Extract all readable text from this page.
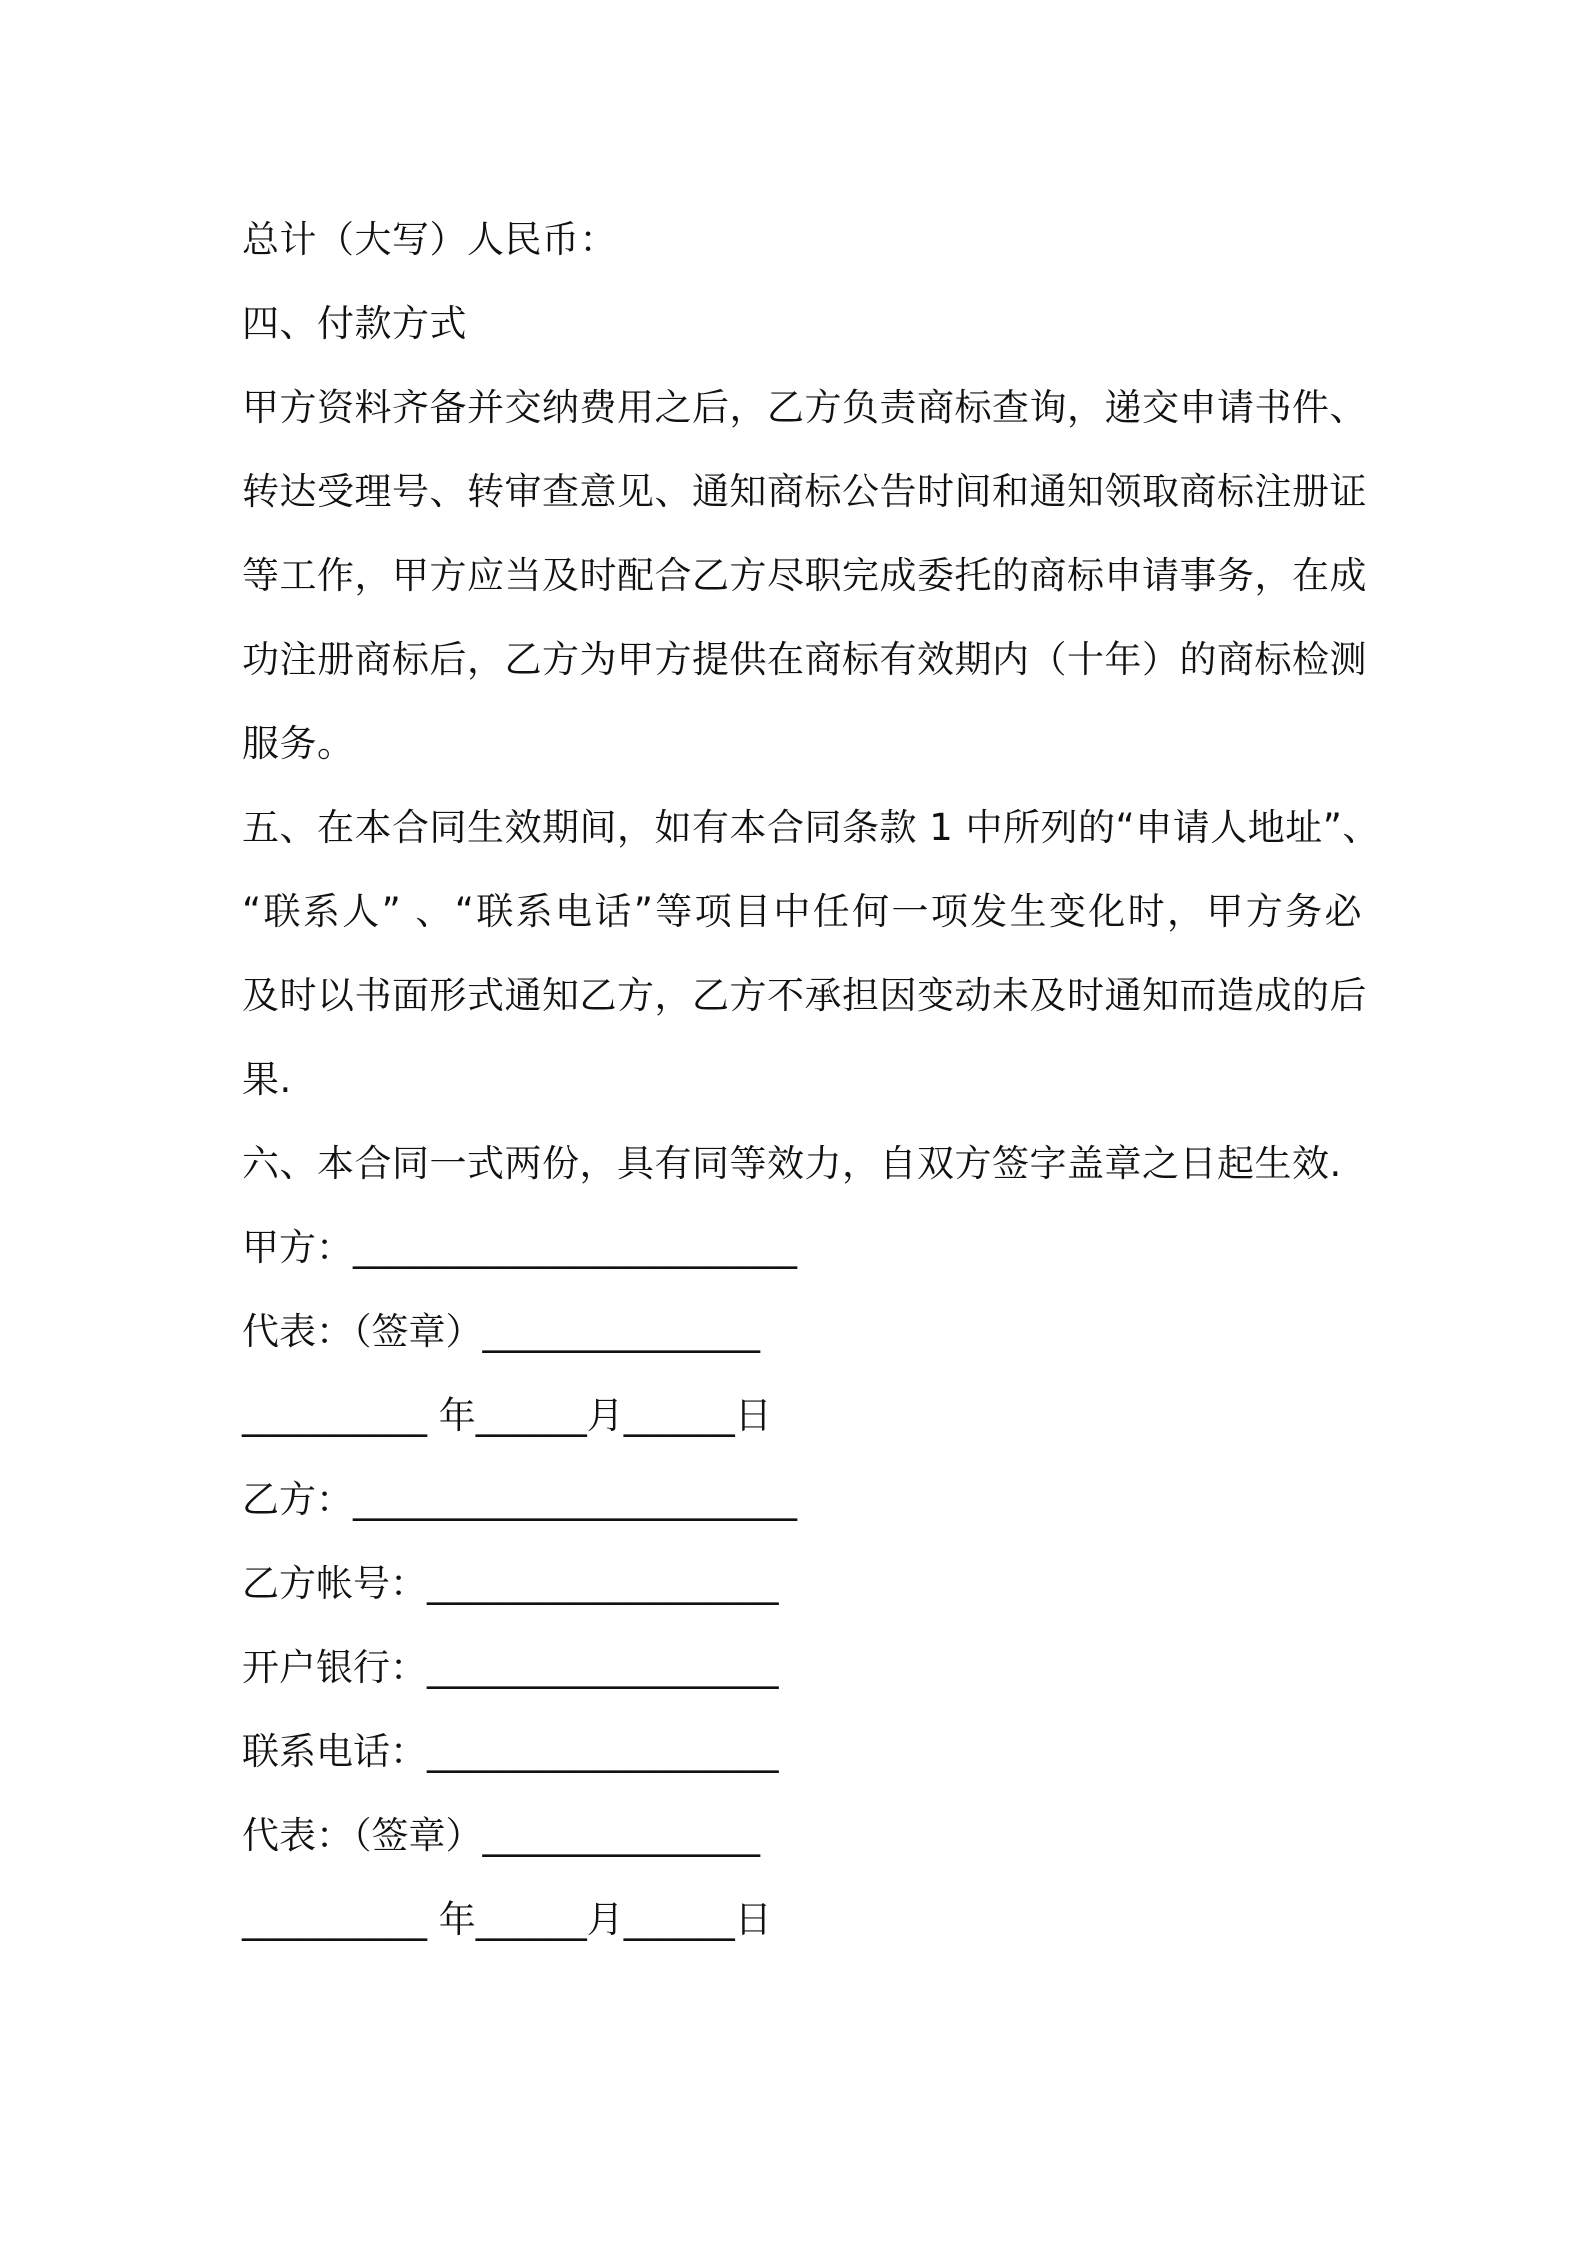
总计（大写）人民币：
四、付款方式
甲方资料齐备并交纳费用之后，乙方负责商标查询，递交申请书件、
转达受理号、转审查意见、通知商标公告时间和通知领取商标注册证
等工作，甲方应当及时配合乙方尽职完成委托的商标申请事务，在成
功注册商标后，乙方为甲方提供在商标有效期内（十年）的商标检测
服务。
五、在本合同生效期间，如有本合同条款 1 中所列的“申请人地址”、
“联系人” 、“联系电话”等项目中任何一项发生变化时，甲方务必
及时以书面形式通知乙方，乙方不承担因变动未及时通知而造成的后
果.
六、本合同一式两份，具有同等效力，自双方签字盖章之日起生效.
甲方：________________________
代表：（签章）_______________
__________ 年______月______日
乙方：________________________
乙方帐号：___________________
开户银行：___________________
联系电话：___________________
代表：（签章）_______________
__________ 年______月______日
